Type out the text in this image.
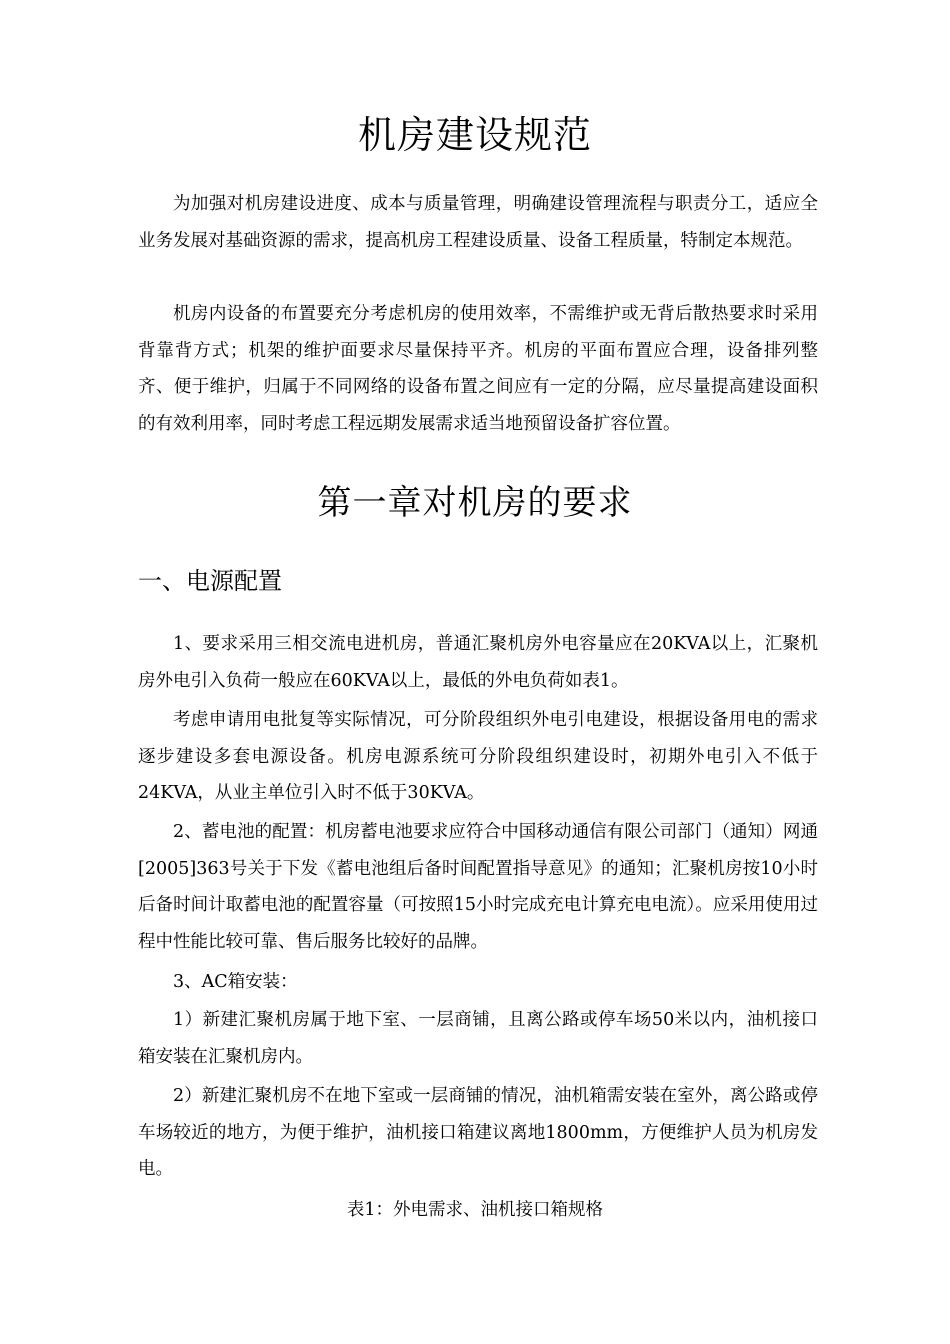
机房建设规范

为加强对机房建设进度、成本与质量管理，明确建设管理流程与职责分工，适应全业务发展对基础资源的需求，提高机房工程建设质量、设备工程质量，特制定本规范。

机房内设备的布置要充分考虑机房的使用效率，不需维护或无背后散热要求时采用背靠背方式；机架的维护面要求尽量保持平齐。机房的平面布置应合理，设备排列整齐、便于维护，归属于不同网络的设备布置之间应有一定的分隔，应尽量提高建设面积的有效利用率，同时考虑工程远期发展需求适当地预留设备扩容位置。

第一章对机房的要求
一、电源配置

1、要求采用三相交流电进机房，普通汇聚机房外电容量应在20KVA以上，汇聚机房外电引入负荷一般应在60KVA以上，最低的外电负荷如表1。

考虑申请用电批复等实际情况，可分阶段组织外电引电建设，根据设备用电的需求逐步建设多套电源设备。机房电源系统可分阶段组织建设时，初期外电引入不低于24KVA，从业主单位引入时不低于30KVA。

2、蓄电池的配置：机房蓄电池要求应符合中国移动通信有限公司部门（通知）网通[2005]363号关于下发《蓄电池组后备时间配置指导意见》的通知；汇聚机房按10小时后备时间计取蓄电池的配置容量（可按照15小时完成充电计算充电电流）。应采用使用过程中性能比较可靠、售后服务比较好的品牌。

3、AC箱安装：

1）新建汇聚机房属于地下室、一层商铺，且离公路或停车场50米以内，油机接口箱安装在汇聚机房内。

2）新建汇聚机房不在地下室或一层商铺的情况，油机箱需安装在室外，离公路或停车场较近的地方，为便于维护，油机接口箱建议离地1800mm，方便维护人员为机房发电。

表1：外电需求、油机接口箱规格
